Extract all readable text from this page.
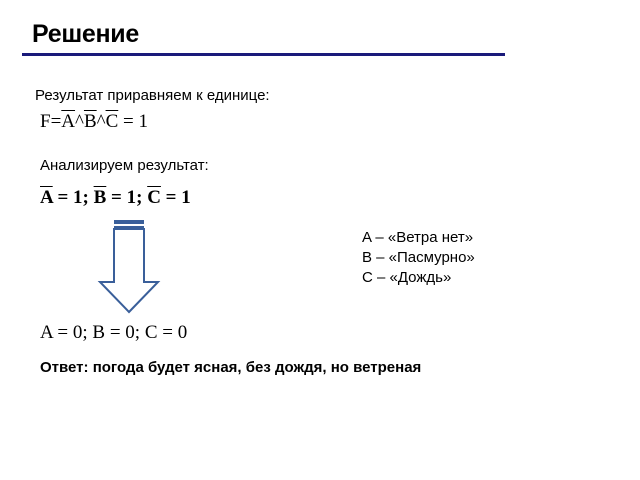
Решение
Результат приравняем к единице:
$F=\overline{A}\^{}\overline{B}\^{}\overline{C} = 1$
Анализируем результат:
$\overline{A} = 1$; $\overline{B} = 1$; $\overline{C} = 1$
A – «Ветра нет»
B – «Пасмурно»
C – «Дождь»
A = 0; B = 0; C = 0
Ответ: погода будет ясная, без дождя, но ветреная
